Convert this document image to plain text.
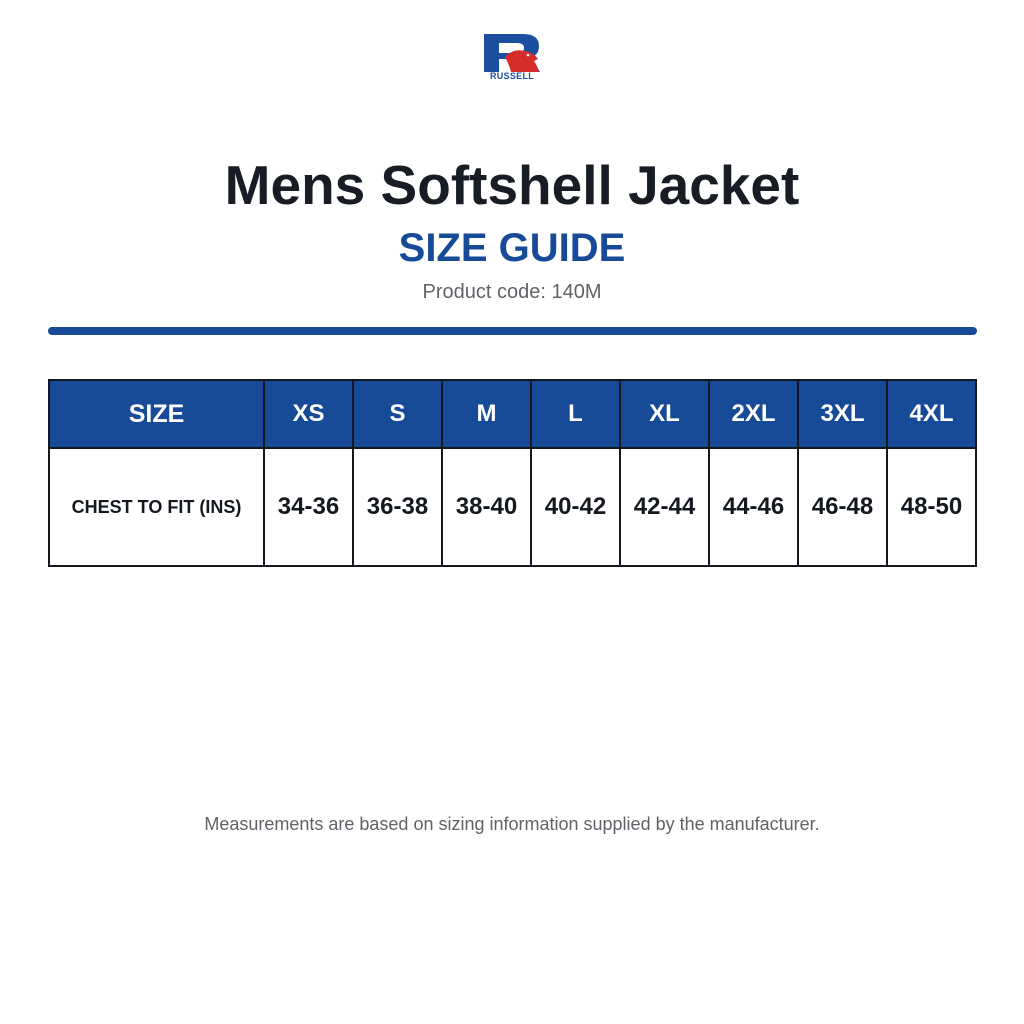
RUSSELL
Mens Softshell Jacket
SIZE GUIDE
Product code: 140M
SIZE	XS	S	M	L	XL	2XL	3XL	4XL
CHEST TO FIT (INS)	34-36	36-38	38-40	40-42	42-44	44-46	46-48	48-50
Measurements are based on sizing information supplied by the manufacturer.
